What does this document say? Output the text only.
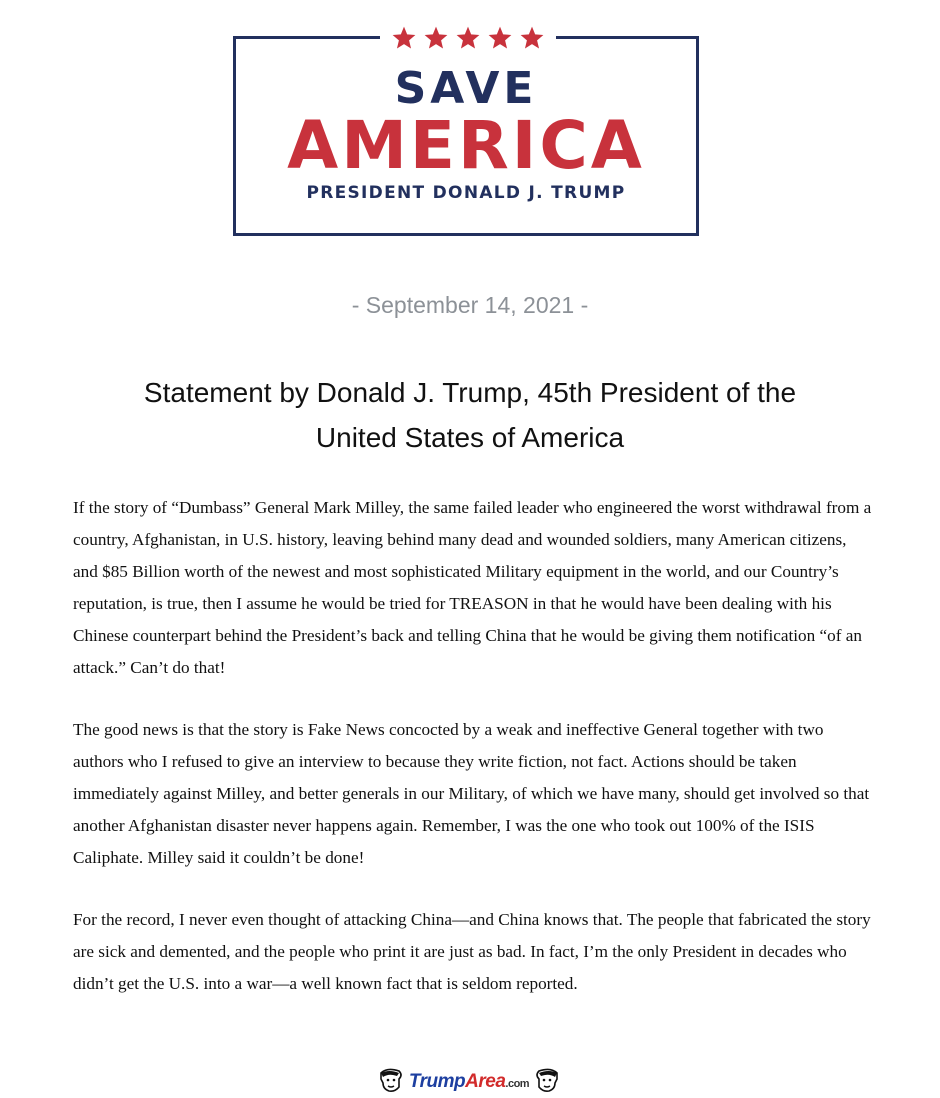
SAVE
AMERICA
PRESIDENT DONALD J. TRUMP
- September 14, 2021 -
Statement by Donald J. Trump, 45th President of the
United States of America

If the story of “Dumbass” General Mark Milley, the same failed leader who engineered the worst withdrawal from a country, Afghanistan, in U.S. history, leaving behind many dead and wounded soldiers, many American citizens, and $85 Billion worth of the newest and most sophisticated Military equipment in the world, and our Country’s reputation, is true, then I assume he would be tried for TREASON in that he would have been dealing with his Chinese counterpart behind the President’s back and telling China that he would be giving them notification “of an attack.” Can’t do that!

The good news is that the story is Fake News concocted by a weak and ineffective General together with two authors who I refused to give an interview to because they write fiction, not fact. Actions should be taken immediately against Milley, and better generals in our Military, of which we have many, should get involved so that another Afghanistan disaster never happens again. Remember, I was the one who took out 100% of the ISIS Caliphate. Milley said it couldn’t be done!

For the record, I never even thought of attacking China—and China knows that. The people that fabricated the story are sick and demented, and the people who print it are just as bad. In fact, I’m the only President in decades who didn’t get the U.S. into a war—a well known fact that is seldom reported.

TrumpArea.com
